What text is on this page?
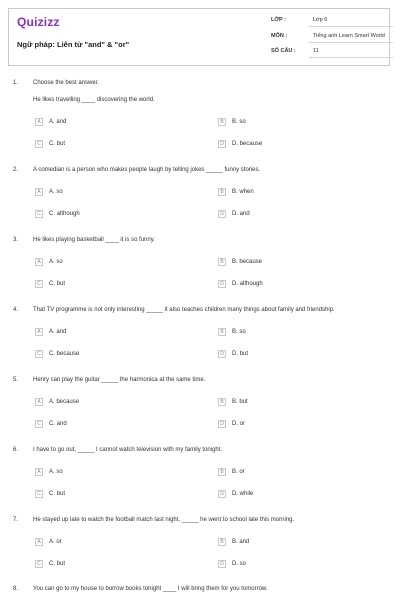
Quizizz
Ngữ pháp: Liên từ "and" & "or"
LỚP :	Lớp 6
MÔN :	Tiếng anh Learn Smart World
SỐ CÂU :	11
1. Choose the best answer.
He likes travelling ____ discovering the world.
A	A. and	B	B. so
C	C. but	D	D. because
2. A comedian is a person who makes people laugh by telling jokes _____ funny stories.
A	A. so	B	B. when
C	C. although	D	D. and
3. He likes playing basketball ____ it is so funny.
A	A. so	B	B. because
C	C. but	D	D. although
4. That TV programme is not only interesting _____ it also teaches children many things about family and friendship.
A	A. and	B	B. so
C	C. because	D	D. but
5. Henry can play the guitar _____ the harmonica at the same time.
A	A. because	B	B. but
C	C. and	D	D. or
6. I have to go out, _____ I cannot watch television with my family tonight.
A	A. so	B	B. or
C	C. but	D	D. while
7. He stayed up late to watch the football match last night, _____ he went to school late this morning.
A	A. or	B	B. and
C	C. but	D	D. so
8. You can go to my house to borrow books tonight ____ I will bring them for you tomorrow.
